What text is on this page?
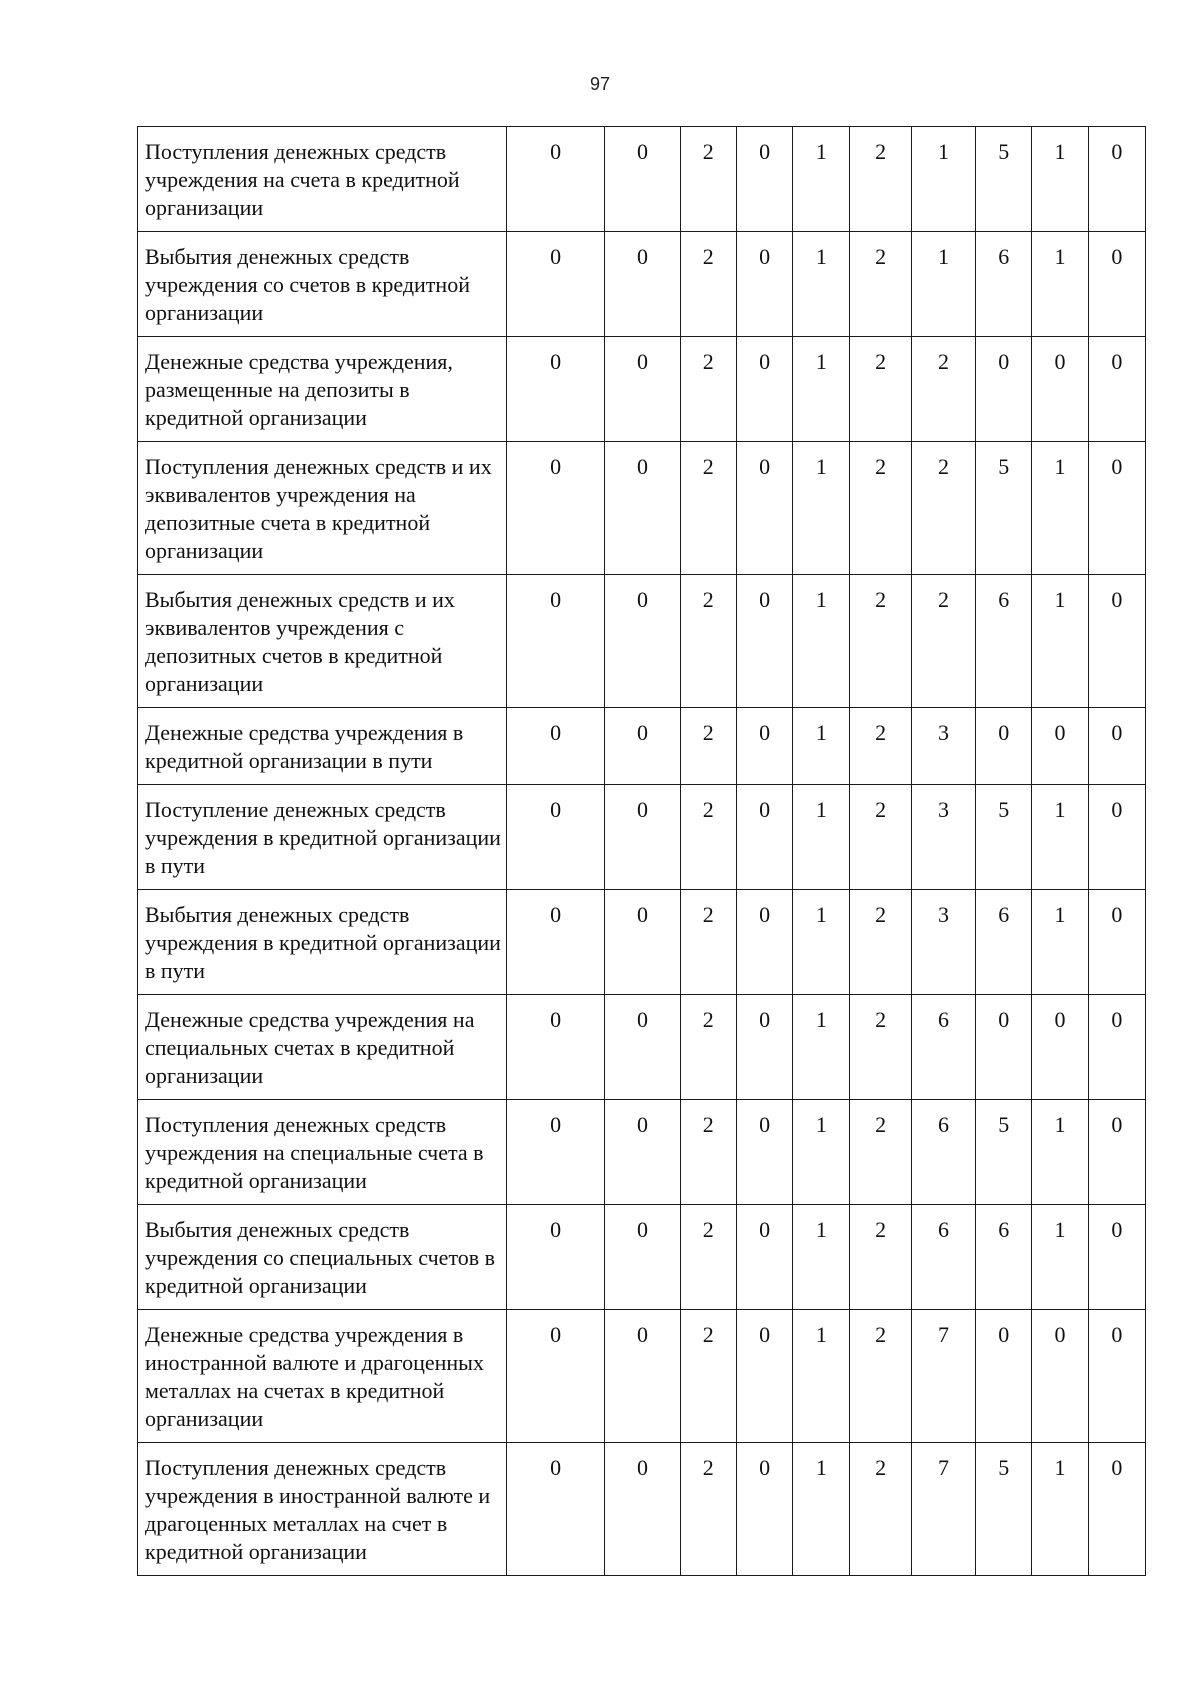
97
Поступления денежных средств учреждения на счета в кредитной организации	0	0	2	0	1	2	1	5	1	0
Выбытия денежных средств учреждения со счетов в кредитной организации	0	0	2	0	1	2	1	6	1	0
Денежные средства учреждения, размещенные на депозиты в кредитной организации	0	0	2	0	1	2	2	0	0	0
Поступления денежных средств и их эквивалентов учреждения на депозитные счета в кредитной организации	0	0	2	0	1	2	2	5	1	0
Выбытия денежных средств и их эквивалентов учреждения с депозитных счетов в кредитной организации	0	0	2	0	1	2	2	6	1	0
Денежные средства учреждения в кредитной организации в пути	0	0	2	0	1	2	3	0	0	0
Поступление денежных средств учреждения в кредитной организации в пути	0	0	2	0	1	2	3	5	1	0
Выбытия денежных средств учреждения в кредитной организации в пути	0	0	2	0	1	2	3	6	1	0
Денежные средства учреждения на специальных счетах в кредитной организации	0	0	2	0	1	2	6	0	0	0
Поступления денежных средств учреждения на специальные счета в кредитной организации	0	0	2	0	1	2	6	5	1	0
Выбытия денежных средств учреждения со специальных счетов в кредитной организации	0	0	2	0	1	2	6	6	1	0
Денежные средства учреждения в иностранной валюте и драгоценных металлах на счетах в кредитной организации	0	0	2	0	1	2	7	0	0	0
Поступления денежных средств учреждения в иностранной валюте и драгоценных металлах на счет в кредитной организации	0	0	2	0	1	2	7	5	1	0
